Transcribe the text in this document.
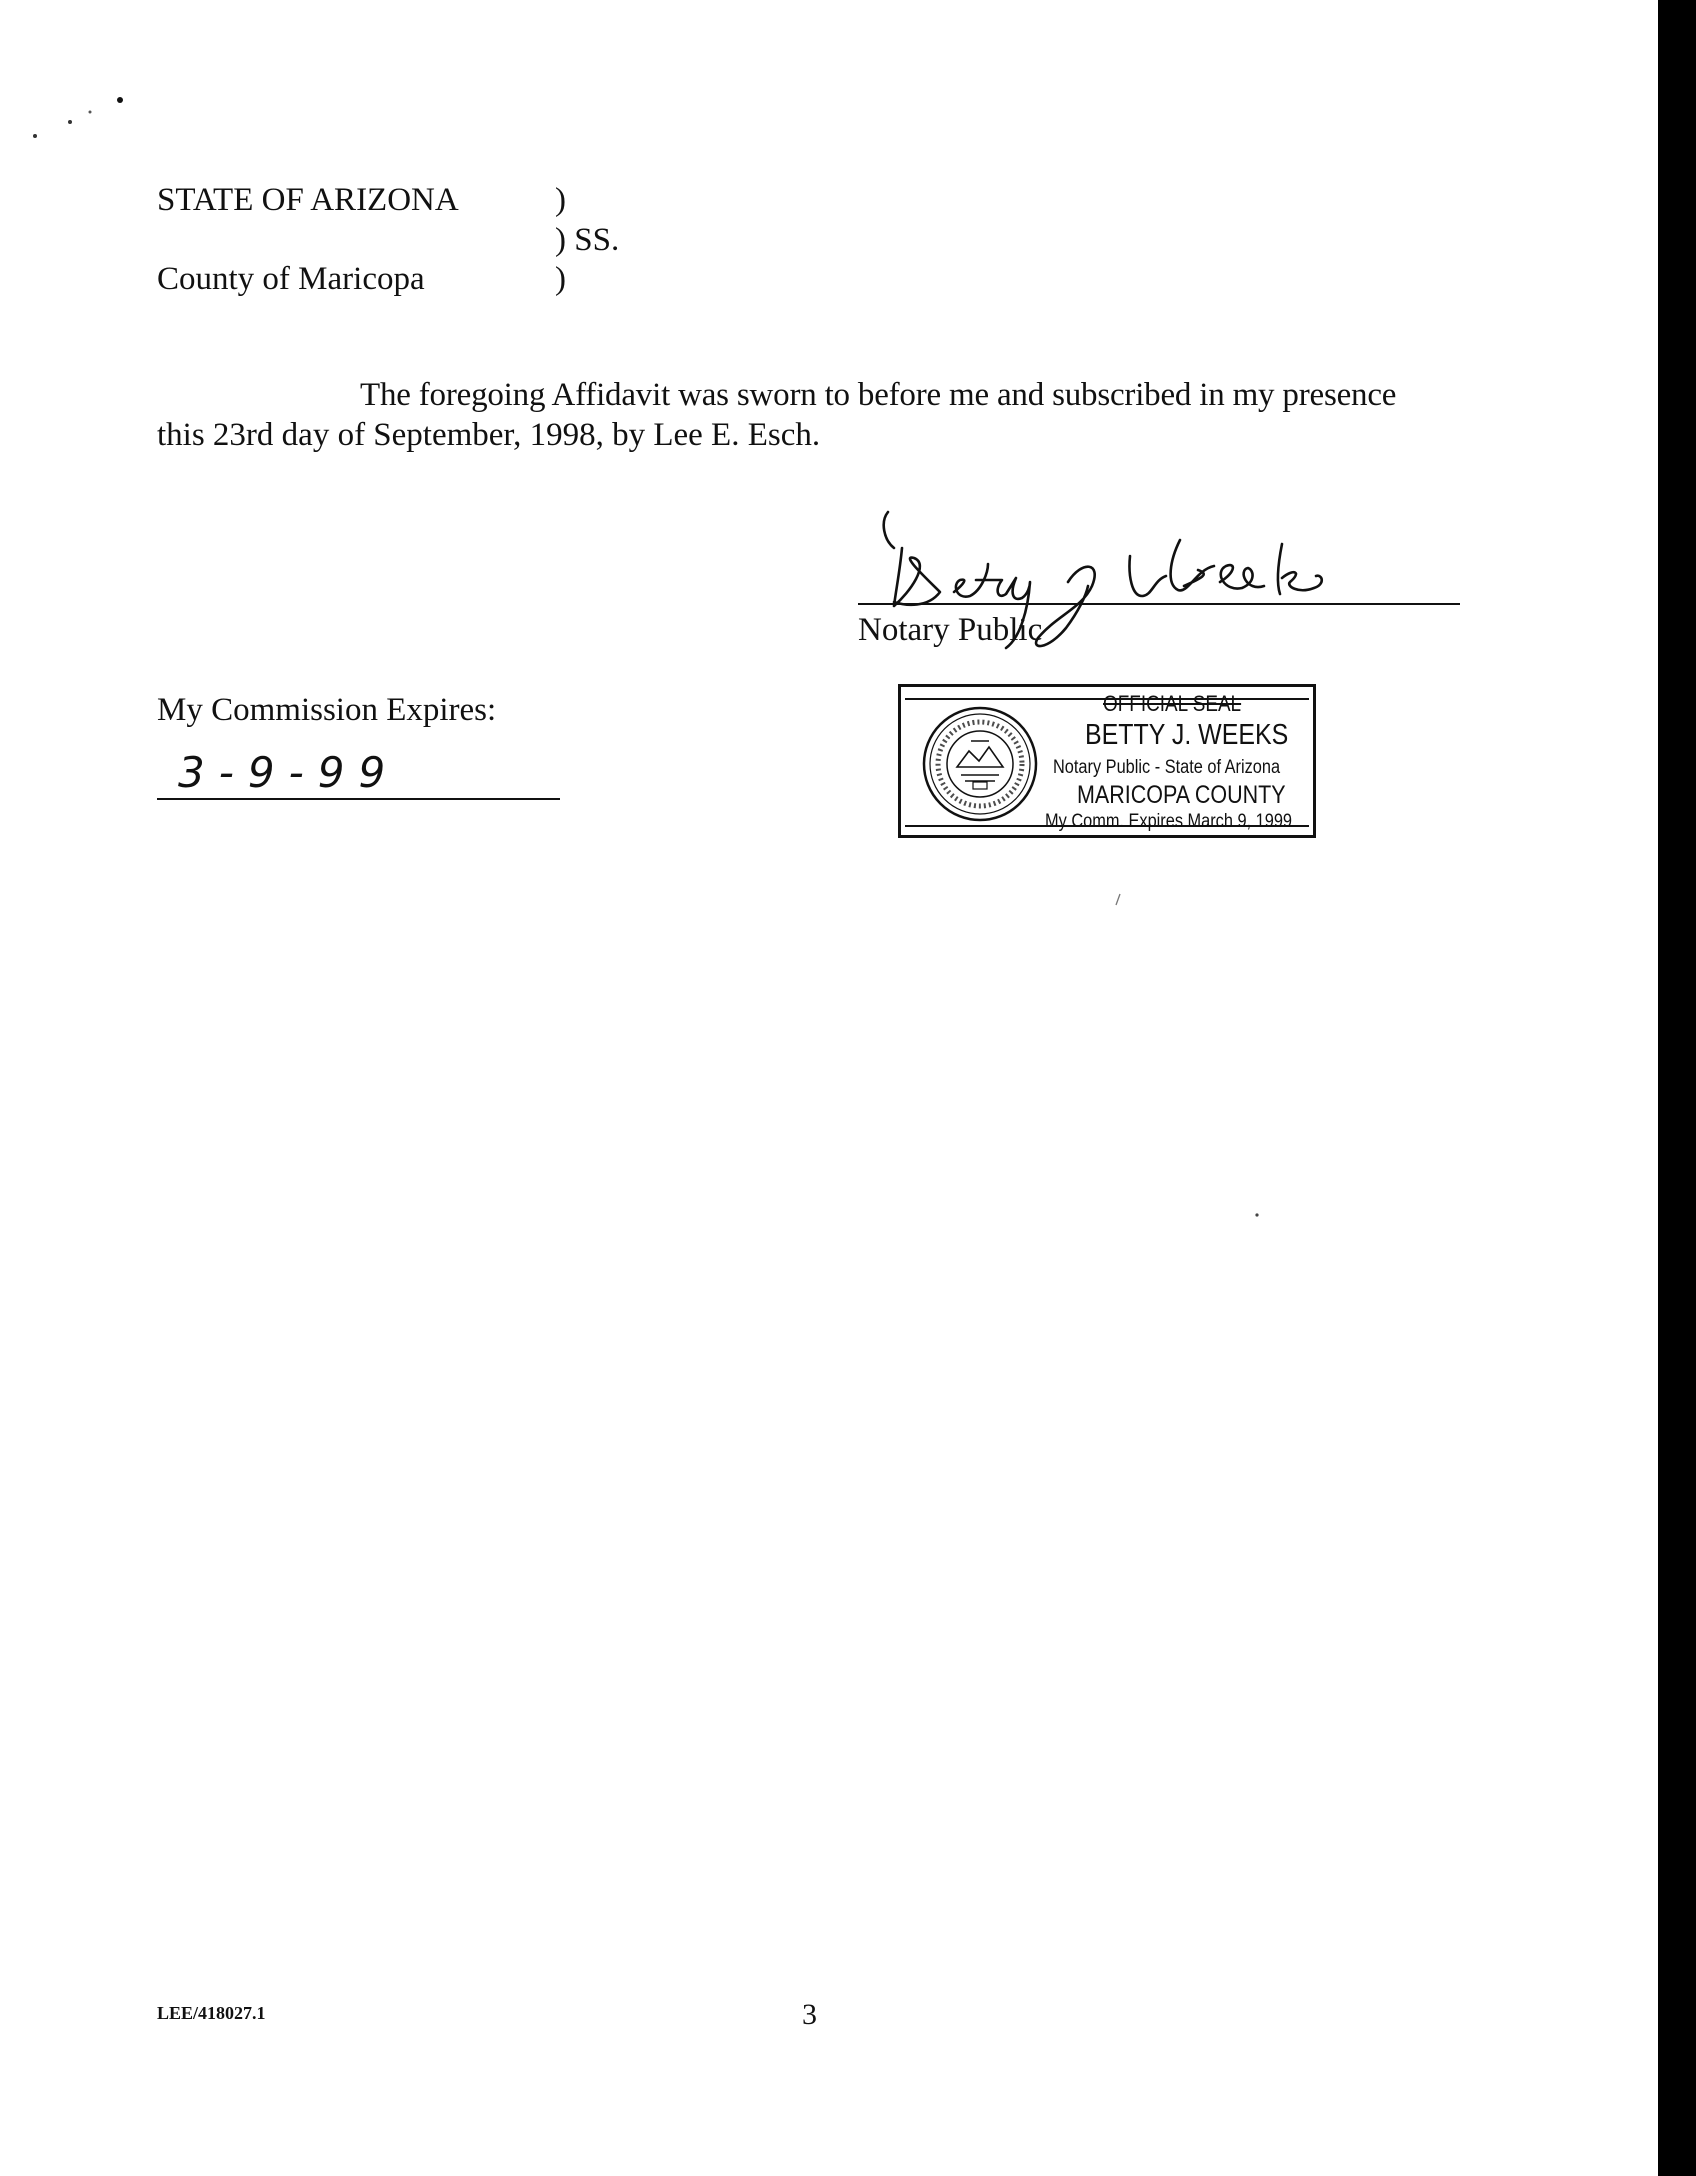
STATE OF ARIZONA	)
) SS.
County of Maricopa	)
The foregoing Affidavit was sworn to before me and subscribed in my presence
this 23rd day of September, 1998, by Lee E. Esch.
Notary Public
My Commission Expires:
3-9-99
OFFICIAL SEAL
BETTY J. WEEKS
Notary Public - State of Arizona
MARICOPA COUNTY
My Comm. Expires March 9, 1999
LEE/418027.1	3
